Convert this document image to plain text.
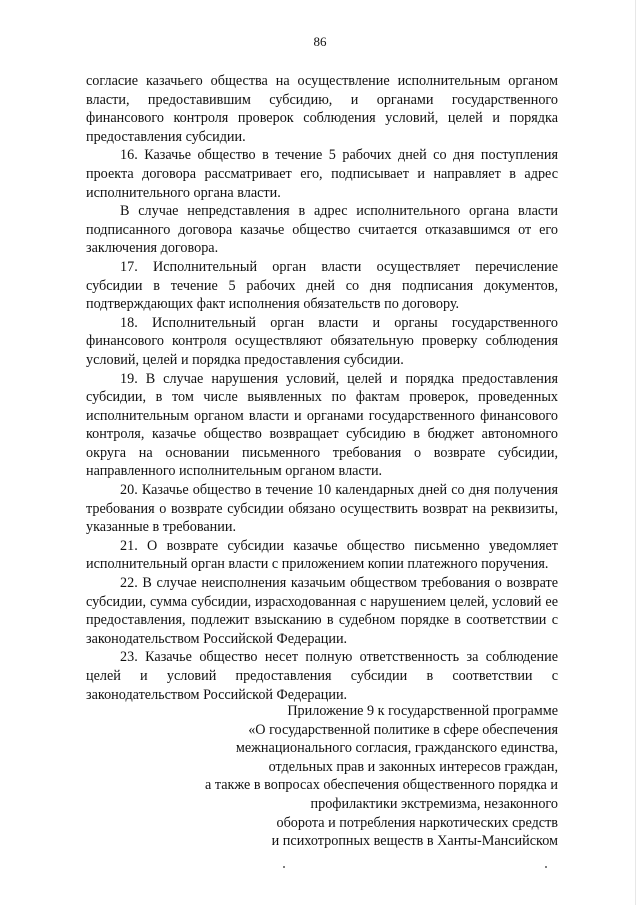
86

согласие казачьего общества на осуществление исполнительным органом власти, предоставившим субсидию, и органами государственного финансового контроля проверок соблюдения условий, целей и порядка предоставления субсидии.

16. Казачье общество в течение 5 рабочих дней со дня поступления проекта договора рассматривает его, подписывает и направляет в адрес исполнительного органа власти.

В случае непредставления в адрес исполнительного органа власти подписанного договора казачье общество считается отказавшимся от его заключения договора.

17. Исполнительный орган власти осуществляет перечисление субсидии в течение 5 рабочих дней со дня подписания документов, подтверждающих факт исполнения обязательств по договору.

18. Исполнительный орган власти и органы государственного финансового контроля осуществляют обязательную проверку соблюдения условий, целей и порядка предоставления субсидии.

19. В случае нарушения условий, целей и порядка предоставления субсидии, в том числе выявленных по фактам проверок, проведенных исполнительным органом власти и органами государственного финансового контроля, казачье общество возвращает субсидию в бюджет автономного округа на основании письменного требования о возврате субсидии, направленного исполнительным органом власти.

20. Казачье общество в течение 10 календарных дней со дня получения требования о возврате субсидии обязано осуществить возврат на реквизиты, указанные в требовании.

21. О возврате субсидии казачье общество письменно уведомляет исполнительный орган власти с приложением копии платежного поручения.

22. В случае неисполнения казачьим обществом требования о возврате субсидии, сумма субсидии, израсходованная с нарушением целей, условий ее предоставления, подлежит взысканию в судебном порядке в соответствии с законодательством Российской Федерации.

23. Казачье общество несет полную ответственность за соблюдение целей и условий предоставления субсидии в соответствии с законодательством Российской Федерации.

Приложение 9 к государственной программе
«О государственной политике в сфере обеспечения
межнационального согласия, гражданского единства,
отдельных прав и законных интересов граждан,
а также в вопросах обеспечения общественного порядка и
профилактики экстремизма, незаконного
оборота и потребления наркотических средств
и психотропных веществ в Ханты-Мансийском
